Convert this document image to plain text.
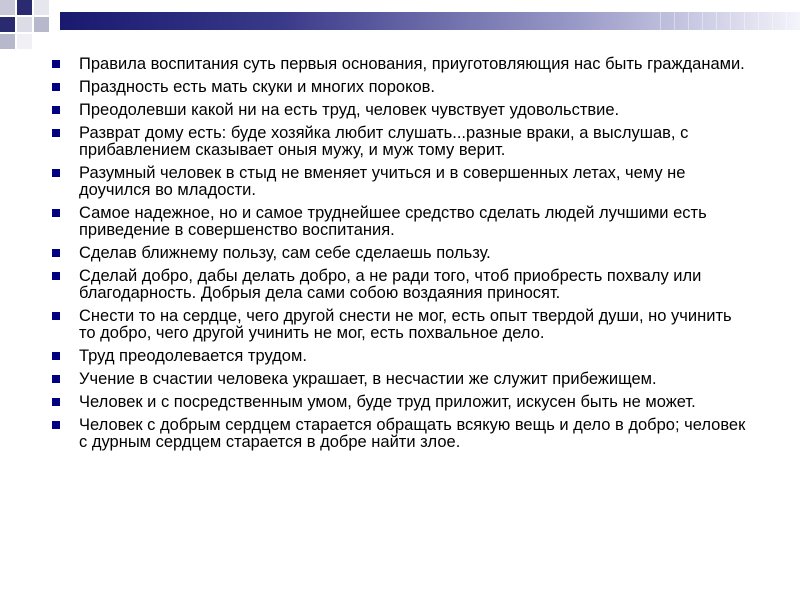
Правила воспитания суть первыя основания, приуготовляющия нас быть гражданами.
Праздность есть мать скуки и многих пороков.
Преодолевши какой ни на есть труд, человек чувствует удовольствие.
Разврат дому есть: буде хозяйка любит слушать...разные враки, а выслушав, с прибавлением сказывает оныя мужу, и муж тому верит.
Разумный человек в стыд не вменяет учиться и в совершенных летах, чему не доучился во младости.
Самое надежное, но и самое труднейшее средство сделать людей лучшими есть приведение в совершенство воспитания.
Сделав ближнему пользу, сам себе сделаешь пользу.
Сделай добро, дабы делать добро, а не ради того, чтоб приобресть похвалу или благодарность. Добрыя дела сами собою воздаяния приносят.
Снести то на сердце, чего другой снести не мог, есть опыт твердой души, но учинить то добро, чего другой учинить не мог, есть похвальное дело.
Труд преодолевается трудом.
Учение в счастии человека украшает, в несчастии же служит прибежищем.
Человек и с посредственным умом, буде труд приложит, искусен быть не может.
Человек с добрым сердцем старается обращать всякую вещь и дело в добро; человек с дурным сердцем старается в добре найти злое.
